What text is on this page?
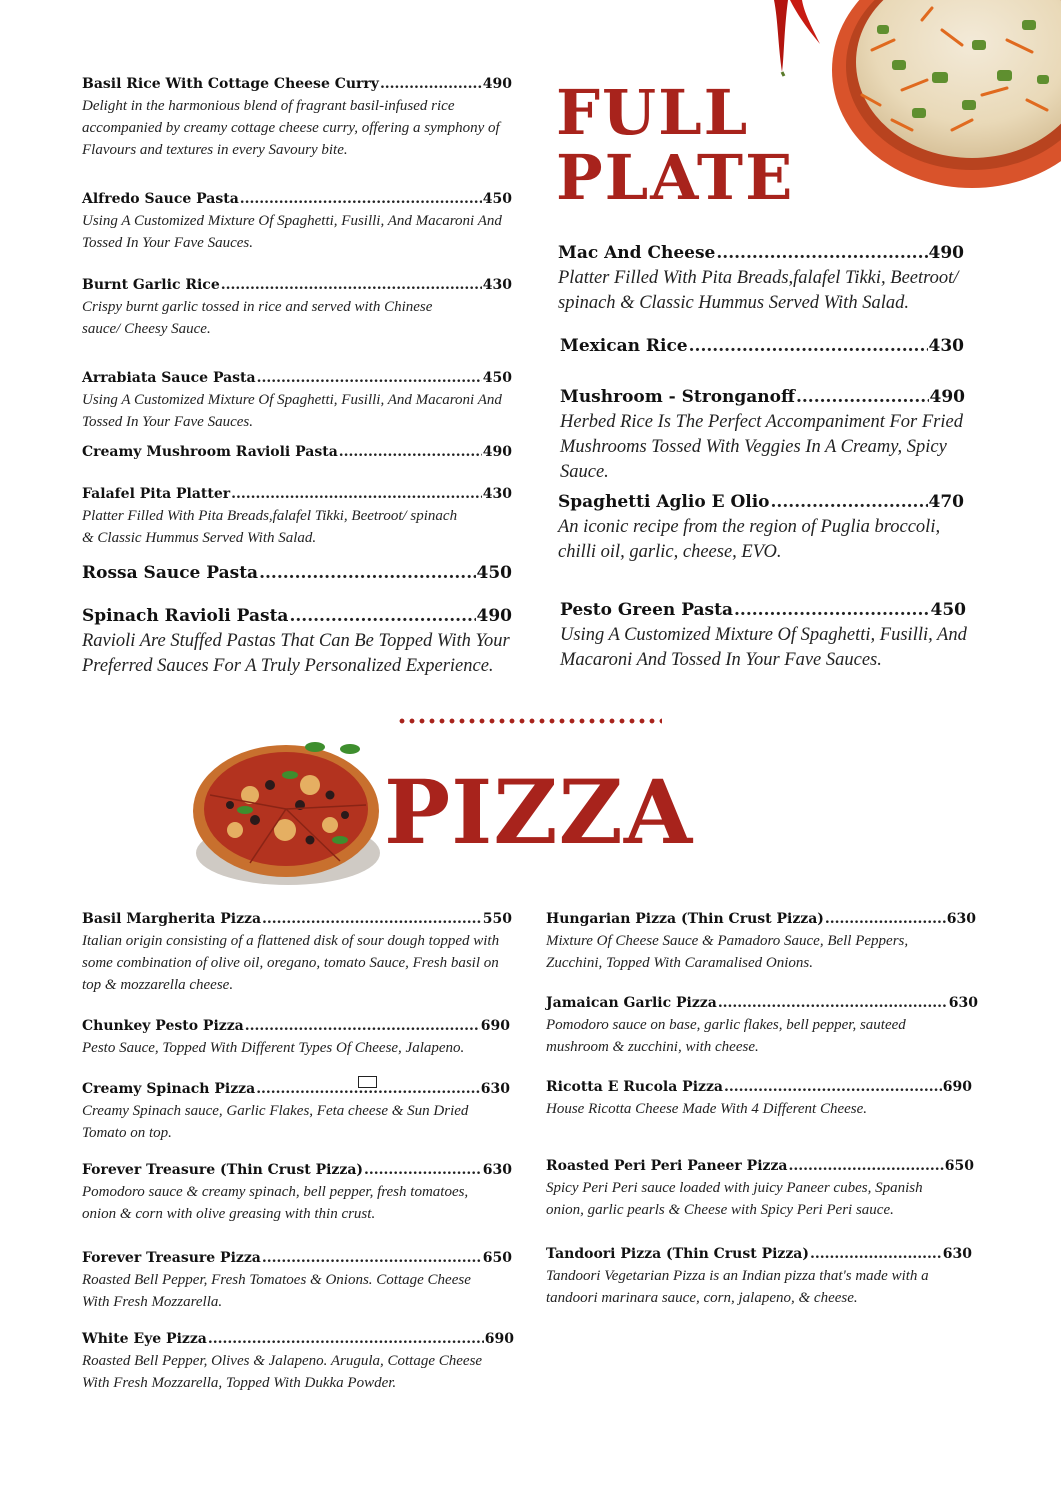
FULL
PLATE
PIZZA
Basil Rice With Cottage Cheese Curry .....	490
Delight in the harmonious blend of fragrant basil-infused rice accompanied by creamy cottage cheese curry, offering a symphony of Flavours and textures in every Savoury bite.
Alfredo Sauce Pasta .....	450
Using A Customized Mixture Of Spaghetti, Fusilli, And Macaroni And Tossed In Your Fave Sauces.
Burnt Garlic Rice .....	430
Crispy burnt garlic tossed in rice and served with Chinese sauce/ Cheesy Sauce.
Arrabiata Sauce Pasta .....	450
Using A Customized Mixture Of Spaghetti, Fusilli, And Macaroni And Tossed In Your Fave Sauces.
Creamy Mushroom Ravioli Pasta .....	490
Falafel Pita Platter .....	430
Platter Filled With Pita Breads,falafel Tikki, Beetroot/ spinach & Classic Hummus Served With Salad.
Rossa Sauce Pasta .....	450
Spinach Ravioli Pasta .....	490
Ravioli Are Stuffed Pastas That Can Be Topped With Your Preferred Sauces For A Truly Personalized Experience.
Mac And Cheese .....	490
Platter Filled With Pita Breads,falafel Tikki, Beetroot/ spinach & Classic Hummus Served With Salad.
Mexican Rice .....	430
Mushroom - Stronganoff .....	490
Herbed Rice Is The Perfect Accompaniment For Fried Mushrooms Tossed With Veggies In A Creamy, Spicy Sauce.
Spaghetti Aglio E Olio .....	470
An iconic recipe from the region of Puglia broccoli, chilli oil, garlic, cheese, EVO.
Pesto Green Pasta .....	450
Using A Customized Mixture Of Spaghetti, Fusilli, And Macaroni And Tossed In Your Fave Sauces.
Basil Margherita Pizza .....	550
Italian origin consisting of a flattened disk of sour dough topped with some combination of olive oil, oregano, tomato Sauce, Fresh basil on top & mozzarella cheese.
Chunkey Pesto Pizza .....	690
Pesto Sauce, Topped With Different Types Of Cheese, Jalapeno.
Creamy Spinach Pizza .....	630
Creamy Spinach sauce, Garlic Flakes, Feta cheese & Sun Dried Tomato on top.
Forever Treasure (Thin Crust Pizza) .....	630
Pomodoro sauce & creamy spinach, bell pepper, fresh tomatoes, onion & corn with olive greasing with thin crust.
Forever Treasure Pizza .....	650
Roasted Bell Pepper, Fresh Tomatoes & Onions. Cottage Cheese With Fresh Mozzarella.
White Eye Pizza .....	690
Roasted Bell Pepper, Olives & Jalapeno. Arugula, Cottage Cheese With Fresh Mozzarella, Topped With Dukka Powder.
Hungarian Pizza (Thin Crust Pizza) .....	630
Mixture Of Cheese Sauce & Pamadoro Sauce, Bell Peppers, Zucchini, Topped With Caramalised Onions.
Jamaican Garlic Pizza .....	630
Pomodoro sauce on base, garlic flakes, bell pepper, sauteed mushroom & zucchini, with cheese.
Ricotta E Rucola Pizza .....	690
House Ricotta Cheese Made With 4 Different Cheese.
Roasted Peri Peri Paneer Pizza .....	650
Spicy Peri Peri sauce loaded with juicy Paneer cubes, Spanish onion, garlic pearls & Cheese with Spicy Peri Peri sauce.
Tandoori Pizza (Thin Crust Pizza) .....	630
Tandoori Vegetarian Pizza is an Indian pizza that's made with a tandoori marinara sauce, corn, jalapeno, & cheese.
